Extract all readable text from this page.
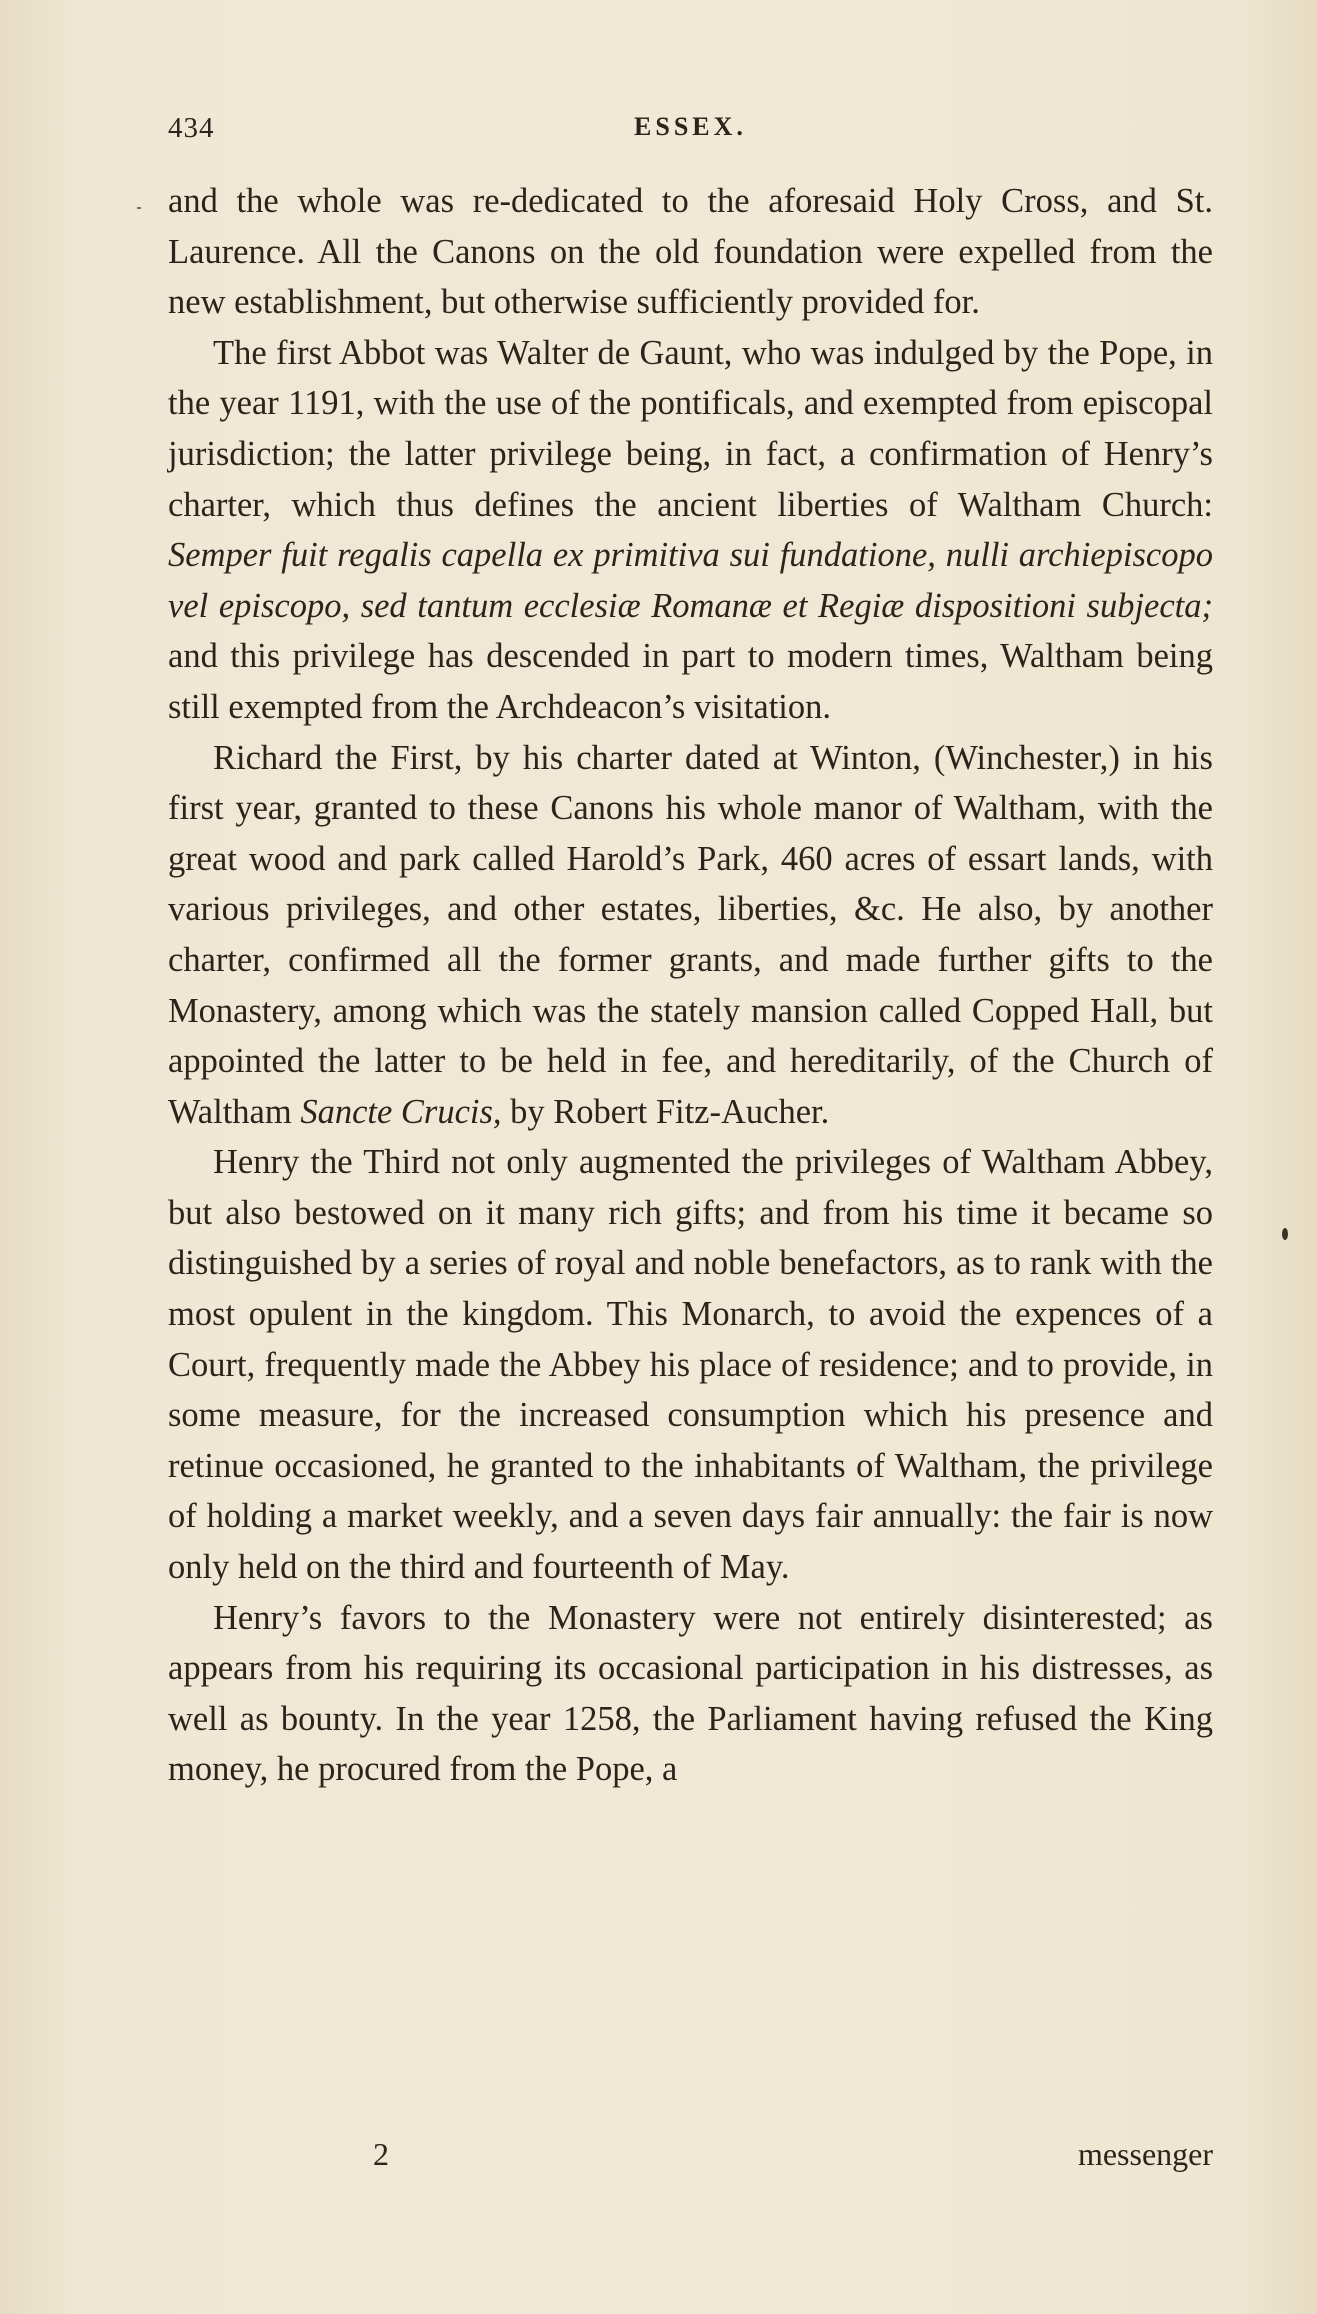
434	ESSEX.

and the whole was re-dedicated to the aforesaid Holy Cross, and St. Laurence. All the Canons on the old foundation were expelled from the new establishment, but otherwise sufficiently provided for.

The first Abbot was Walter de Gaunt, who was indulged by the Pope, in the year 1191, with the use of the pontificals, and exempted from episcopal jurisdiction; the latter privilege being, in fact, a confirmation of Henry’s charter, which thus defines the ancient liberties of Waltham Church: Semper fuit regalis capella ex primitiva sui fundatione, nulli archiepiscopo vel episcopo, sed tantum ecclesiæ Romanæ et Regiæ dispositioni subjecta; and this privilege has descended in part to modern times, Waltham being still exempted from the Archdeacon’s visitation.

Richard the First, by his charter dated at Winton, (Winchester,) in his first year, granted to these Canons his whole manor of Waltham, with the great wood and park called Harold’s Park, 460 acres of essart lands, with various privileges, and other estates, liberties, &c. He also, by another charter, confirmed all the former grants, and made further gifts to the Monastery, among which was the stately mansion called Copped Hall, but appointed the latter to be held in fee, and hereditarily, of the Church of Waltham Sancte Crucis, by Robert Fitz-Aucher.

Henry the Third not only augmented the privileges of Waltham Abbey, but also bestowed on it many rich gifts; and from his time it became so distinguished by a series of royal and noble benefactors, as to rank with the most opulent in the kingdom. This Monarch, to avoid the expences of a Court, frequently made the Abbey his place of residence; and to provide, in some measure, for the increased consumption which his presence and retinue occasioned, he granted to the inhabitants of Waltham, the privilege of holding a market weekly, and a seven days fair annually: the fair is now only held on the third and fourteenth of May.

Henry’s favors to the Monastery were not entirely disinterested; as appears from his requiring its occasional participation in his distresses, as well as bounty. In the year 1258, the Parliament having refused the King money, he procured from the Pope, a

2	messenger
